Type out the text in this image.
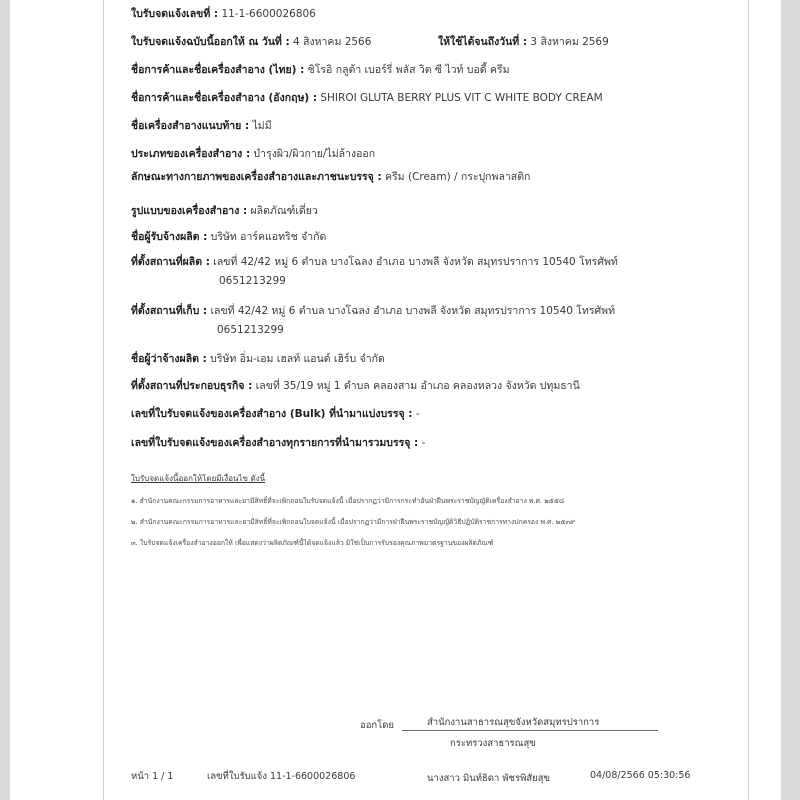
ใบรับจดแจ้งเลขที่ : 11-1-6600026806
ใบรับจดแจ้งฉบับนี้ออกให้ ณ วันที่ : 4 สิงหาคม 2566	ให้ใช้ได้จนถึงวันที่ : 3 สิงหาคม 2569
ชื่อการค้าและชื่อเครื่องสำอาง (ไทย) : ชิโรอิ กลูต้า เบอร์รี่ พลัส วิต ซี ไวท์ บอดี้ ครีม
ชื่อการค้าและชื่อเครื่องสำอาง (อังกฤษ) : SHIROI GLUTA BERRY PLUS VIT C WHITE BODY CREAM
ชื่อเครื่องสำอางแนบท้าย : ไม่มี
ประเภทของเครื่องสำอาง : บำรุงผิว/ผิวกาย/ไม่ล้างออก
ลักษณะทางกายภาพของเครื่องสำอางและภาชนะบรรจุ : ครีม (Cream) / กระปุกพลาสติก
รูปแบบของเครื่องสำอาง : ผลิตภัณฑ์เดี่ยว
ชื่อผู้รับจ้างผลิต : บริษัท อาร์คแอทริช จำกัด
ที่ตั้งสถานที่ผลิต : เลขที่ 42/42 หมู่ 6 ตำบล บางโฉลง อำเภอ บางพลี จังหวัด สมุทรปราการ 10540 โทรศัพท์
0651213299
ที่ตั้งสถานที่เก็บ : เลขที่ 42/42 หมู่ 6 ตำบล บางโฉลง อำเภอ บางพลี จังหวัด สมุทรปราการ 10540 โทรศัพท์
0651213299
ชื่อผู้ว่าจ้างผลิต : บริษัท อิ่ม-เอม เฮลท์ แอนด์ เฮิร์บ จำกัด
ที่ตั้งสถานที่ประกอบธุรกิจ : เลขที่ 35/19 หมู่ 1 ตำบล คลองสาม อำเภอ คลองหลวง จังหวัด ปทุมธานี
เลขที่ใบรับจดแจ้งของเครื่องสำอาง (Bulk) ที่นำมาแบ่งบรรจุ : -
เลขที่ใบรับจดแจ้งของเครื่องสำอางทุกรายการที่นำมารวมบรรจุ : -
ใบรับจดแจ้งนี้ออกให้โดยมีเงื่อนไข ดังนี้
๑. สำนักงานคณะกรรมการอาหารและยามีสิทธิ์ที่จะเพิกถอนใบรับจดแจ้งนี้ เมื่อปรากฏว่ามีการกระทำอันฝ่าฝืนพระราชบัญญัติเครื่องสำอาง พ.ศ. ๒๕๕๘
๒. สำนักงานคณะกรรมการอาหารและยามีสิทธิ์ที่จะเพิกถอนใบจดแจ้งนี้ เมื่อปรากฏว่ามีการฝ่าฝืนพระราชบัญญัติวิธีปฏิบัติราชการทางปกครอง พ.ศ. ๒๕๓๙
๓. ใบรับจดแจ้งเครื่องสำอางออกให้ เพื่อแสดงว่าผลิตภัณฑ์นี้ได้จดแจ้งแล้ว มิใช่เป็นการรับรองคุณภาพมาตรฐานของผลิตภัณฑ์
ออกโดย	สำนักงานสาธารณสุขจังหวัดสมุทรปราการ
กระทรวงสาธารณสุข
หน้า 1 / 1	เลขที่ใบรับแจ้ง 11-1-6600026806	นางสาว มินท์ธิดา พัชรพิสัยสุข	04/08/2566 05:30:56
